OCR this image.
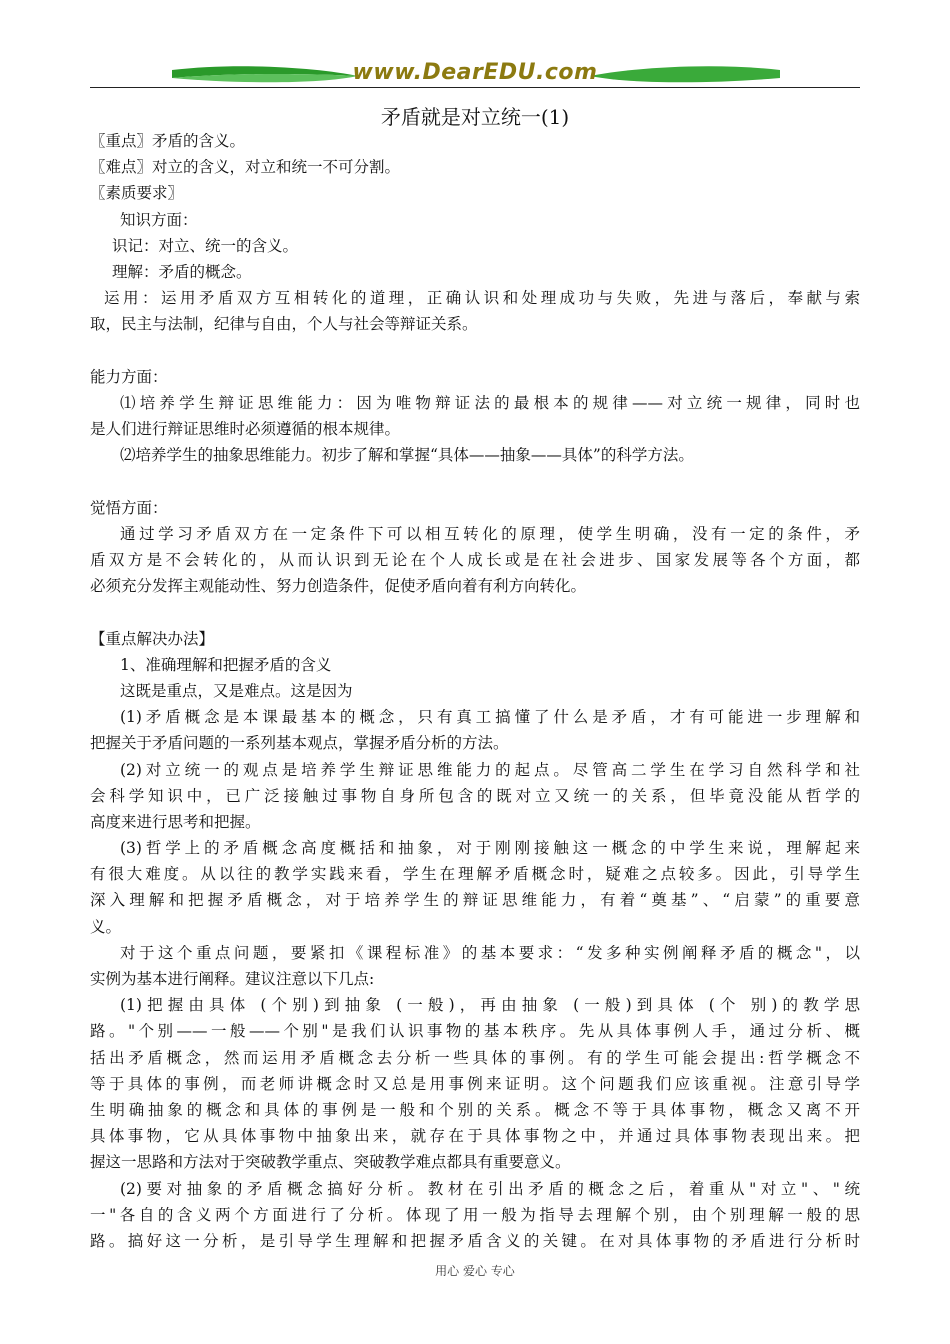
www.DearEDU.com
矛盾就是对立统一(1)
〖重点〗矛盾的含义。
〖难点〗对立的含义，对立和统一不可分割。
〖素质要求〗
知识方面：
识记：对立、统一的含义。
理解：矛盾的概念。
运用：运用矛盾双方互相转化的道理，正确认识和处理成功与失败，先进与落后，奉献与索
取，民主与法制，纪律与自由，个人与社会等辩证关系。
能力方面：
⑴培养学生辩证思维能力：因为唯物辩证法的最根本的规律——对立统一规律，同时也
是人们进行辩证思维时必须遵循的根本规律。
⑵培养学生的抽象思维能力。初步了解和掌握“具体——抽象——具体”的科学方法。
觉悟方面：
通过学习矛盾双方在一定条件下可以相互转化的原理，使学生明确，没有一定的条件，矛
盾双方是不会转化的，从而认识到无论在个人成长或是在社会进步、国家发展等各个方面，都
必须充分发挥主观能动性、努力创造条件，促使矛盾向着有利方向转化。
【重点解决办法】
1、准确理解和把握矛盾的含义
这既是重点，又是难点。这是因为
(1)矛盾概念是本课最基本的概念，只有真工搞懂了什么是矛盾，才有可能进一步理解和
把握关于矛盾问题的一系列基本观点，掌握矛盾分析的方法。
(2)对立统一的观点是培养学生辩证思维能力的起点。尽管高二学生在学习自然科学和社
会科学知识中，已广泛接触过事物自身所包含的既对立又统一的关系，但毕竟没能从哲学的
高度来进行思考和把握。
(3)哲学上的矛盾概念高度概括和抽象，对于刚刚接触这一概念的中学生来说，理解起来
有很大难度。从以往的教学实践来看，学生在理解矛盾概念时，疑难之点较多。因此，引导学生
深入理解和把握矛盾概念，对于培养学生的辩证思维能力，有着“奠基”、“启蒙”的重要意
义。
对于这个重点问题，要紧扣《课程标准》的基本要求：“发多种实例阐释矛盾的概念"，以
实例为基本进行阐释。建议注意以下几点:
(1)把握由具体 (个别)到抽象 (一般)，再由抽象 (一般)到具体 (个 别)的教学思
路。"个别——一般——个别"是我们认识事物的基本秩序。先从具体事例人手，通过分析、概
括出矛盾概念，然而运用矛盾概念去分析一些具体的事例。有的学生可能会提出:哲学概念不
等于具体的事例，而老师讲概念时又总是用事例来证明。这个问题我们应该重视。注意引导学
生明确抽象的概念和具体的事例是一般和个别的关系。概念不等于具体事物，概念又离不开
具体事物，它从具体事物中抽象出来，就存在于具体事物之中，并通过具体事物表现出来。把
握这一思路和方法对于突破教学重点、突破教学难点都具有重要意义。
(2)要对抽象的矛盾概念搞好分析。教材在引出矛盾的概念之后，着重从"对立"、"统
一"各自的含义两个方面进行了分析。体现了用一般为指导去理解个别，由个别理解一般的思
路。搞好这一分析，是引导学生理解和把握矛盾含义的关键。在对具体事物的矛盾进行分析时
用心 爱心 专心
